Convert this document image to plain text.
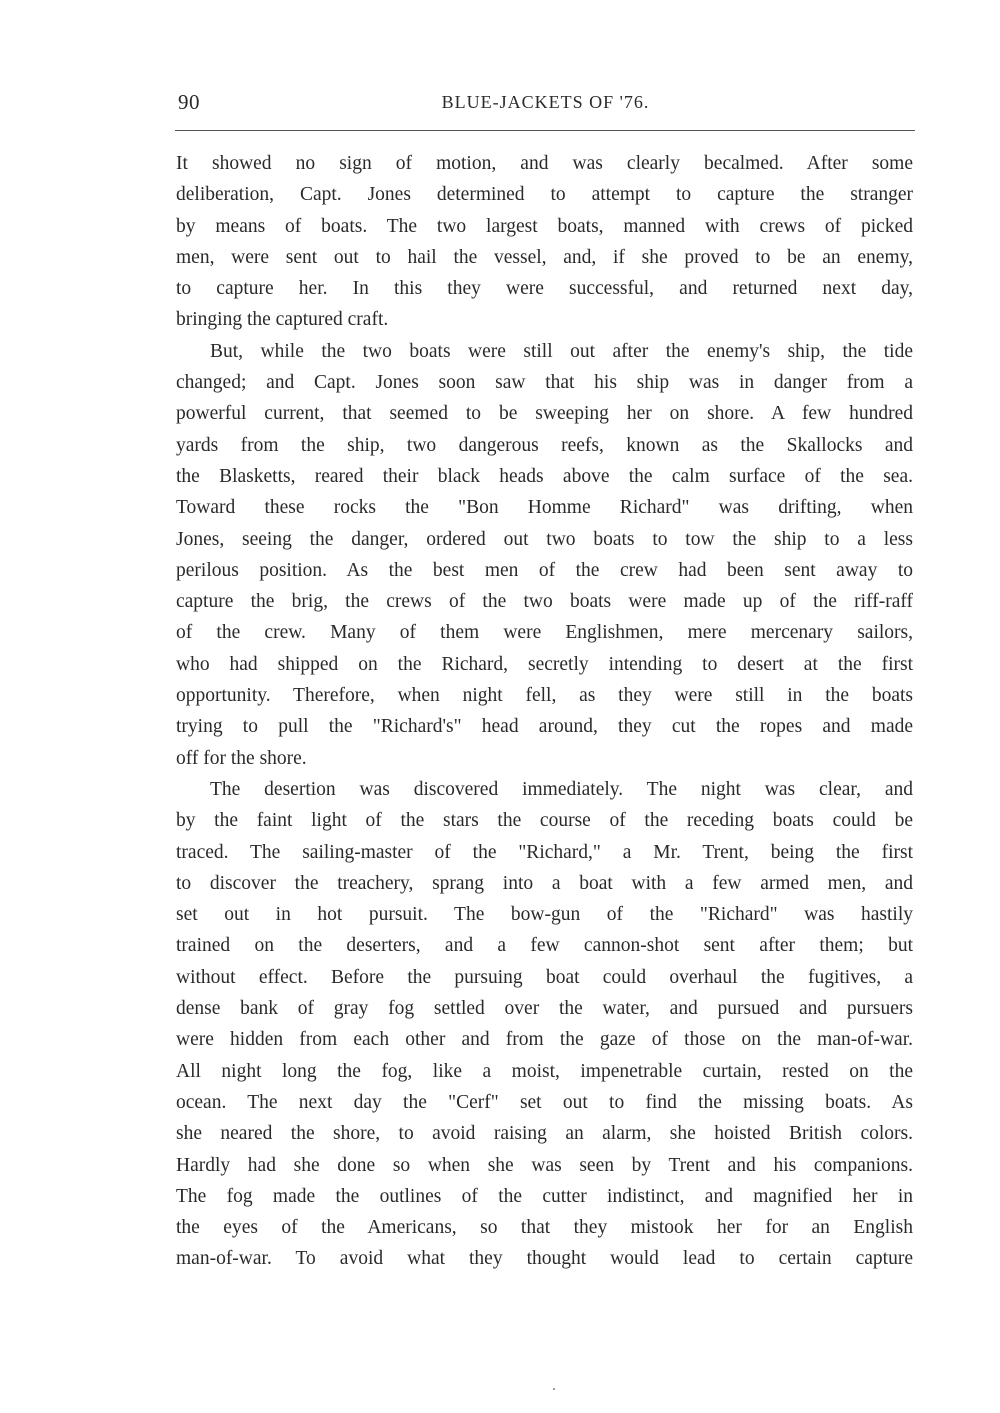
90	BLUE-JACKETS OF '76.
It showed no sign of motion, and was clearly becalmed. After some
deliberation, Capt. Jones determined to attempt to capture the stranger
by means of boats. The two largest boats, manned with crews of picked
men, were sent out to hail the vessel, and, if she proved to be an enemy,
to capture her. In this they were successful, and returned next day,
bringing the captured craft.
But, while the two boats were still out after the enemy's ship, the tide
changed; and Capt. Jones soon saw that his ship was in danger from a
powerful current, that seemed to be sweeping her on shore. A few hundred
yards from the ship, two dangerous reefs, known as the Skallocks and
the Blasketts, reared their black heads above the calm surface of the sea.
Toward these rocks the "Bon Homme Richard" was drifting, when
Jones, seeing the danger, ordered out two boats to tow the ship to a less
perilous position. As the best men of the crew had been sent away to
capture the brig, the crews of the two boats were made up of the riff-raff
of the crew. Many of them were Englishmen, mere mercenary sailors,
who had shipped on the Richard, secretly intending to desert at the first
opportunity. Therefore, when night fell, as they were still in the boats
trying to pull the "Richard's" head around, they cut the ropes and made
off for the shore.
The desertion was discovered immediately. The night was clear, and
by the faint light of the stars the course of the receding boats could be
traced. The sailing-master of the "Richard," a Mr. Trent, being the first
to discover the treachery, sprang into a boat with a few armed men, and
set out in hot pursuit. The bow-gun of the "Richard" was hastily
trained on the deserters, and a few cannon-shot sent after them; but
without effect. Before the pursuing boat could overhaul the fugitives, a
dense bank of gray fog settled over the water, and pursued and pursuers
were hidden from each other and from the gaze of those on the man-of-war.
All night long the fog, like a moist, impenetrable curtain, rested on the
ocean. The next day the "Cerf" set out to find the missing boats. As
she neared the shore, to avoid raising an alarm, she hoisted British colors.
Hardly had she done so when she was seen by Trent and his companions.
The fog made the outlines of the cutter indistinct, and magnified her in
the eyes of the Americans, so that they mistook her for an English
man-of-war. To avoid what they thought would lead to certain capture
